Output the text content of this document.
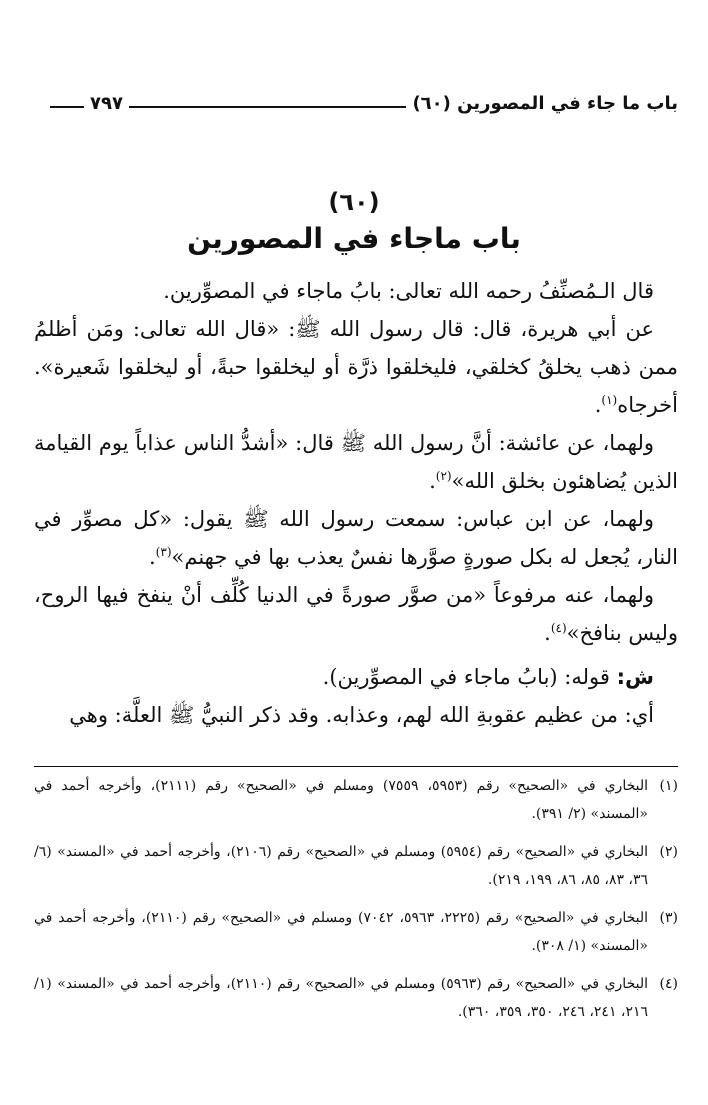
باب ما جاء في المصورين (٦٠)
٧٩٧
(٦٠)
باب ماجاء في المصورين

قال الـمُصنِّفُ رحمه الله تعالى: بابُ ماجاء في المصوِّرين.

عن أبي هريرة، قال: قال رسول الله ﷺ: «قال الله تعالى: ومَن أظلمُ ممن ذهب يخلقُ كخلقي، فليخلقوا ذرَّة أو ليخلقوا حبةً، أو ليخلقوا شَعيرة». أخرجاه$^{(١)}$.

ولهما، عن عائشة: أنَّ رسول الله ﷺ قال: «أشدُّ الناس عذاباً يوم القيامة الذين يُضاهئون بخلق الله»$^{(٢)}$.

ولهما، عن ابن عباس: سمعت رسول الله ﷺ يقول: «كل مصوِّر في النار، يُجعل له بكل صورةٍ صوَّرها نفسٌ يعذب بها في جهنم»$^{(٣)}$.

ولهما، عنه مرفوعاً «من صوَّر صورةً في الدنيا كُلِّف أنْ ينفخ فيها الروح، وليس بنافخ»$^{(٤)}$.

ش: قوله: (بابُ ماجاء في المصوِّرين).

أي: من عظيم عقوبةِ الله لهم، وعذابه. وقد ذكر النبيُّ ﷺ العلَّة: وهي

(١)
البخاري في «الصحيح» رقم (٥٩٥٣، ٧٥٥٩) ومسلم في «الصحيح» رقم (٢١١١)، وأخرجه أحمد في «المسند» (٢/ ٣٩١).
(٢)
البخاري في «الصحيح» رقم (٥٩٥٤) ومسلم في «الصحيح» رقم (٢١٠٦)، وأخرجه أحمد في «المسند» (٦/ ٣٦، ٨٣، ٨٥، ٨٦، ١٩٩، ٢١٩).
(٣)
البخاري في «الصحيح» رقم (٢٢٢٥، ٥٩٦٣، ٧٠٤٢) ومسلم في «الصحيح» رقم (٢١١٠)، وأخرجه أحمد في «المسند» (١/ ٣٠٨).
(٤)
البخاري في «الصحيح» رقم (٥٩٦٣) ومسلم في «الصحيح» رقم (٢١١٠)، وأخرجه أحمد في «المسند» (١/ ٢١٦، ٢٤١، ٢٤٦، ٣٥٠، ٣٥٩، ٣٦٠).
